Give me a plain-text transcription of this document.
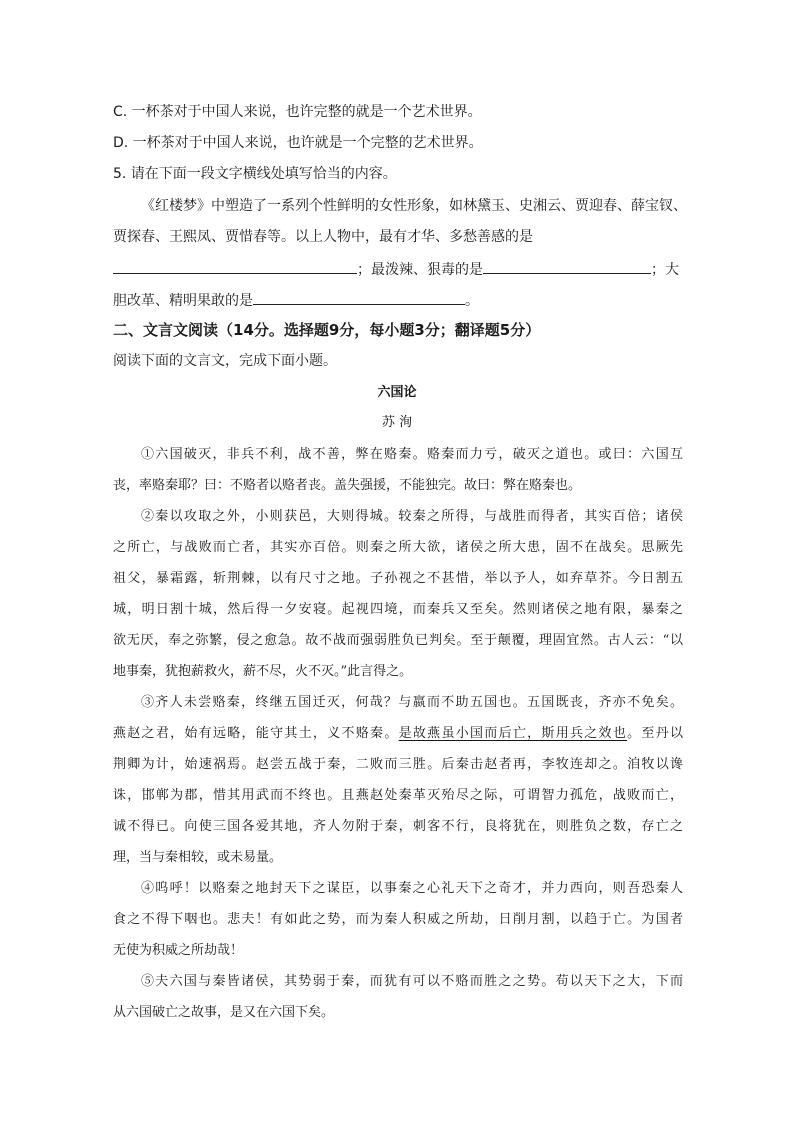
C. 一杯茶对于中国人来说，也许完整的就是一个艺术世界。
D. 一杯茶对于中国人来说，也许就是一个完整的艺术世界。
5. 请在下面一段文字横线处填写恰当的内容。
《红楼梦》中塑造了一系列个性鲜明的女性形象，如林黛玉、史湘云、贾迎春、薛宝钗、
贾探春、王熙凤、贾惜春等。以上人物中，最有才华、多愁善感的是
；最泼辣、狠毒的是	；大
胆改革、精明果敢的是	。
二、文言文阅读（14分。选择题9分，每小题3分；翻译题5分）
阅读下面的文言文，完成下面小题。
六国论
苏 洵
①六国破灭，非兵不利，战不善，弊在赂秦。赂秦而力亏，破灭之道也。或曰：六国互
丧，率赂秦耶？曰：不赂者以赂者丧。盖失强援，不能独完。故曰：弊在赂秦也。
②秦以攻取之外，小则获邑，大则得城。较秦之所得，与战胜而得者，其实百倍；诸侯
之所亡，与战败而亡者，其实亦百倍。则秦之所大欲，诸侯之所大患，固不在战矣。思厥先
祖父，暴霜露，斩荆棘，以有尺寸之地。子孙视之不甚惜，举以予人，如弃草芥。今日割五
城，明日割十城，然后得一夕安寝。起视四境，而秦兵又至矣。然则诸侯之地有限，暴秦之
欲无厌，奉之弥繁，侵之愈急。故不战而强弱胜负已判矣。至于颠覆，理固宜然。古人云：“以
地事秦，犹抱薪救火，薪不尽，火不灭。”此言得之。
③齐人未尝赂秦，终继五国迁灭，何哉？与嬴而不助五国也。五国既丧，齐亦不免矣。
燕赵之君，始有远略，能守其土，义不赂秦。是故燕虽小国而后亡，斯用兵之效也。至丹以
荆卿为计，始速祸焉。赵尝五战于秦，二败而三胜。后秦击赵者再，李牧连却之。洎牧以谗
诛，邯郸为郡，惜其用武而不终也。且燕赵处秦革灭殆尽之际，可谓智力孤危，战败而亡，
诚不得已。向使三国各爱其地，齐人勿附于秦，刺客不行，良将犹在，则胜负之数，存亡之
理，当与秦相较，或未易量。
④呜呼！以赂秦之地封天下之谋臣，以事秦之心礼天下之奇才，并力西向，则吾恐秦人
食之不得下咽也。悲夫！有如此之势，而为秦人积威之所劫，日削月割，以趋于亡。为国者
无使为积威之所劫哉！
⑤夫六国与秦皆诸侯，其势弱于秦，而犹有可以不赂而胜之之势。苟以天下之大，下而
从六国破亡之故事，是又在六国下矣。
